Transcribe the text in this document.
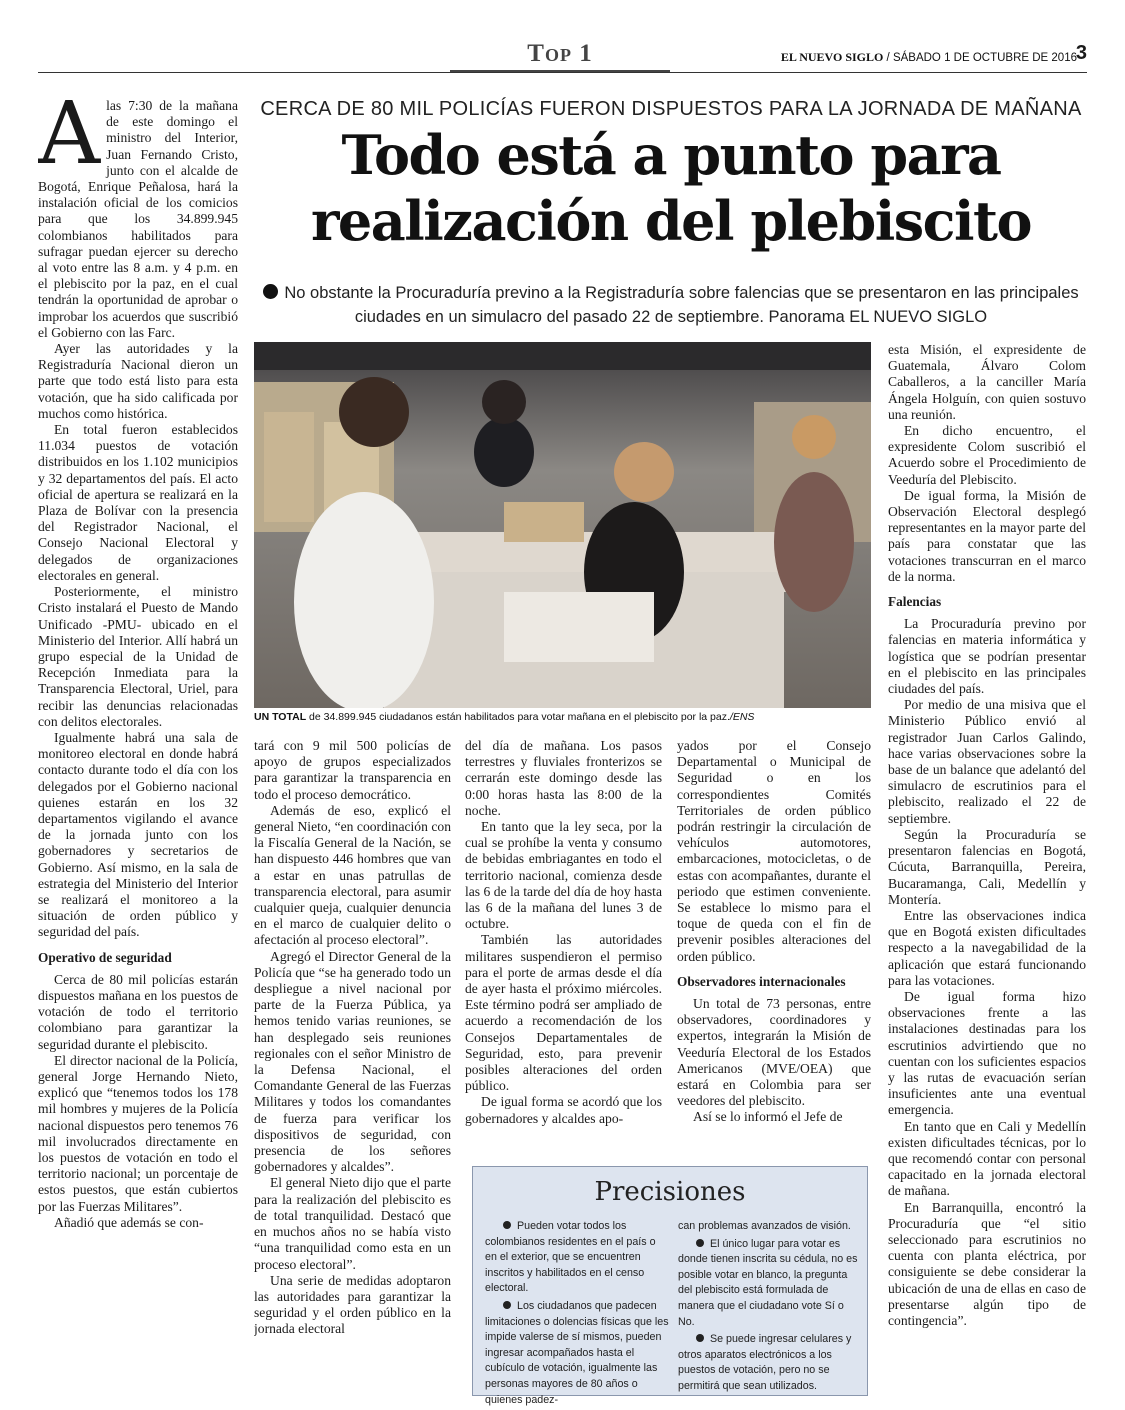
Top 1	EL NUEVO SIGLO / SÁBADO 1 DE OCTUBRE DE 2016
3
CERCA DE 80 MIL POLICÍAS FUERON DISPUESTOS PARA LA JORNADA DE MAÑANA
Todo está a punto para
realización del plebiscito
No obstante la Procuraduría previno a la Registraduría sobre falencias que se presentaron en las principales ciudades en un simulacro del pasado 22 de septiembre. Panorama EL NUEVO SIGLO
UN TOTAL de 34.899.945 ciudadanos están habilitados para votar mañana en el plebiscito por la paz./ENS
A las 7:30 de la mañana de este domingo el ministro del Interior, Juan Fernando Cristo, junto con el alcalde de Bogotá, Enrique Peñalosa, hará la instalación oficial de los comicios para que los 34.899.945 colombianos habilitados para sufragar puedan ejercer su derecho al voto entre las 8 a.m. y 4 p.m. en el plebiscito por la paz, en el cual tendrán la oportunidad de aprobar o improbar los acuerdos que suscribió el Gobierno con las Farc.

Ayer las autoridades y la Registraduría Nacional dieron un parte que todo está listo para esta votación, que ha sido calificada por muchos como histórica.

En total fueron establecidos 11.034 puestos de votación distribuidos en los 1.102 municipios y 32 departamentos del país. El acto oficial de apertura se realizará en la Plaza de Bolívar con la presencia del Registrador Nacional, el Consejo Nacional Electoral y delegados de organizaciones electorales en general.

Posteriormente, el ministro Cristo instalará el Puesto de Mando Unificado -PMU- ubicado en el Ministerio del Interior. Allí habrá un grupo especial de la Unidad de Recepción Inmediata para la Transparencia Electoral, Uriel, para recibir las denuncias relacionadas con delitos electorales.

Igualmente habrá una sala de monitoreo electoral en donde habrá contacto durante todo el día con los delegados por el Gobierno nacional quienes estarán en los 32 departamentos vigilando el avance de la jornada junto con los gobernadores y secretarios de Gobierno. Así mismo, en la sala de estrategia del Ministerio del Interior se realizará el monitoreo a la situación de orden público y seguridad del país.

Operativo de seguridad

Cerca de 80 mil policías estarán dispuestos mañana en los puestos de votación de todo el territorio colombiano para garantizar la seguridad durante el plebiscito.

El director nacional de la Policía, general Jorge Hernando Nieto, explicó que “tenemos todos los 178 mil hombres y mujeres de la Policía nacional dispuestos pero tenemos 76 mil involucrados directamente en los puestos de votación en todo el territorio nacional; un porcentaje de estos puestos, que están cubiertos por las Fuerzas Militares”.

Añadió que además se con-

tará con 9 mil 500 policías de apoyo de grupos especializados para garantizar la transparencia en todo el proceso democrático.

Además de eso, explicó el general Nieto, “en coordinación con la Fiscalía General de la Nación, se han dispuesto 446 hombres que van a estar en unas patrullas de transparencia electoral, para asumir cualquier queja, cualquier denuncia en el marco de cualquier delito o afectación al proceso electoral”.

Agregó el Director General de la Policía que “se ha generado todo un despliegue a nivel nacional por parte de la Fuerza Pública, ya hemos tenido varias reuniones, se han desplegado seis reuniones regionales con el señor Ministro de la Defensa Nacional, el Comandante General de las Fuerzas Militares y todos los comandantes de fuerza para verificar los dispositivos de seguridad, con presencia de los señores gobernadores y alcaldes”.

El general Nieto dijo que el parte para la realización del plebiscito es de total tranquilidad. Destacó que en muchos años no se había visto “una tranquilidad como esta en un proceso electoral”.

Una serie de medidas adoptaron las autoridades para garantizar la seguridad y el orden público en la jornada electoral

del día de mañana. Los pasos terrestres y fluviales fronterizos se cerrarán este domingo desde las 0:00 horas hasta las 8:00 de la noche.

En tanto que la ley seca, por la cual se prohíbe la venta y consumo de bebidas embriagantes en todo el territorio nacional, comienza desde las 6 de la tarde del día de hoy hasta las 6 de la mañana del lunes 3 de octubre.

También las autoridades militares suspendieron el permiso para el porte de armas desde el día de ayer hasta el próximo miércoles. Este término podrá ser ampliado de acuerdo a recomendación de los Consejos Departamentales de Seguridad, esto, para prevenir posibles alteraciones del orden público.

De igual forma se acordó que los gobernadores y alcaldes apo-

yados por el Consejo Departamental o Municipal de Seguridad o en los correspondientes Comités Territoriales de orden público podrán restringir la circulación de vehículos automotores, embarcaciones, motocicletas, o de estas con acompañantes, durante el periodo que estimen conveniente. Se establece lo mismo para el toque de queda con el fin de prevenir posibles alteraciones del orden público.

Observadores internacionales

Un total de 73 personas, entre observadores, coordinadores y expertos, integrarán la Misión de Veeduría Electoral de los Estados Americanos (MVE/OEA) que estará en Colombia para ser veedores del plebiscito.

Así se lo informó el Jefe de

esta Misión, el expresidente de Guatemala, Álvaro Colom Caballeros, a la canciller María Ángela Holguín, con quien sostuvo una reunión.

En dicho encuentro, el expresidente Colom suscribió el Acuerdo sobre el Procedimiento de Veeduría del Plebiscito.

De igual forma, la Misión de Observación Electoral desplegó representantes en la mayor parte del país para constatar que las votaciones transcurran en el marco de la norma.

Falencias

La Procuraduría previno por falencias en materia informática y logística que se podrían presentar en el plebiscito en las principales ciudades del país.

Por medio de una misiva que el Ministerio Público envió al registrador Juan Carlos Galindo, hace varias observaciones sobre la base de un balance que adelantó del simulacro de escrutinios para el plebiscito, realizado el 22 de septiembre.

Según la Procuraduría se presentaron falencias en Bogotá, Cúcuta, Barranquilla, Pereira, Bucaramanga, Cali, Medellín y Montería.

Entre las observaciones indica que en Bogotá existen dificultades respecto a la navegabilidad de la aplicación que estará funcionando para las votaciones.

De igual forma hizo observaciones frente a las instalaciones destinadas para los escrutinios advirtiendo que no cuentan con los suficientes espacios y las rutas de evacuación serían insuficientes ante una eventual emergencia.

En tanto que en Cali y Medellín existen dificultades técnicas, por lo que recomendó contar con personal capacitado en la jornada electoral de mañana.

En Barranquilla, encontró la Procuraduría que “el sitio seleccionado para escrutinios no cuenta con planta eléctrica, por consiguiente se debe considerar la ubicación de una de ellas en caso de presentarse algún tipo de contingencia”.

Precisiones

Pueden votar todos los colombianos residentes en el país o en el exterior, que se encuentren inscritos y habilitados en el censo electoral.

Los ciudadanos que padecen limitaciones o dolencias físicas que les impide valerse de sí mismos, pueden ingresar acompañados hasta el cubículo de votación, igualmente las personas mayores de 80 años o quienes padez-

can problemas avanzados de visión.

El único lugar para votar es donde tienen inscrita su cédula, no es posible votar en blanco, la pregunta del plebiscito está formulada de manera que el ciudadano vote Sí o No.

Se puede ingresar celulares y otros aparatos electrónicos a los puestos de votación, pero no se permitirá que sean utilizados.
